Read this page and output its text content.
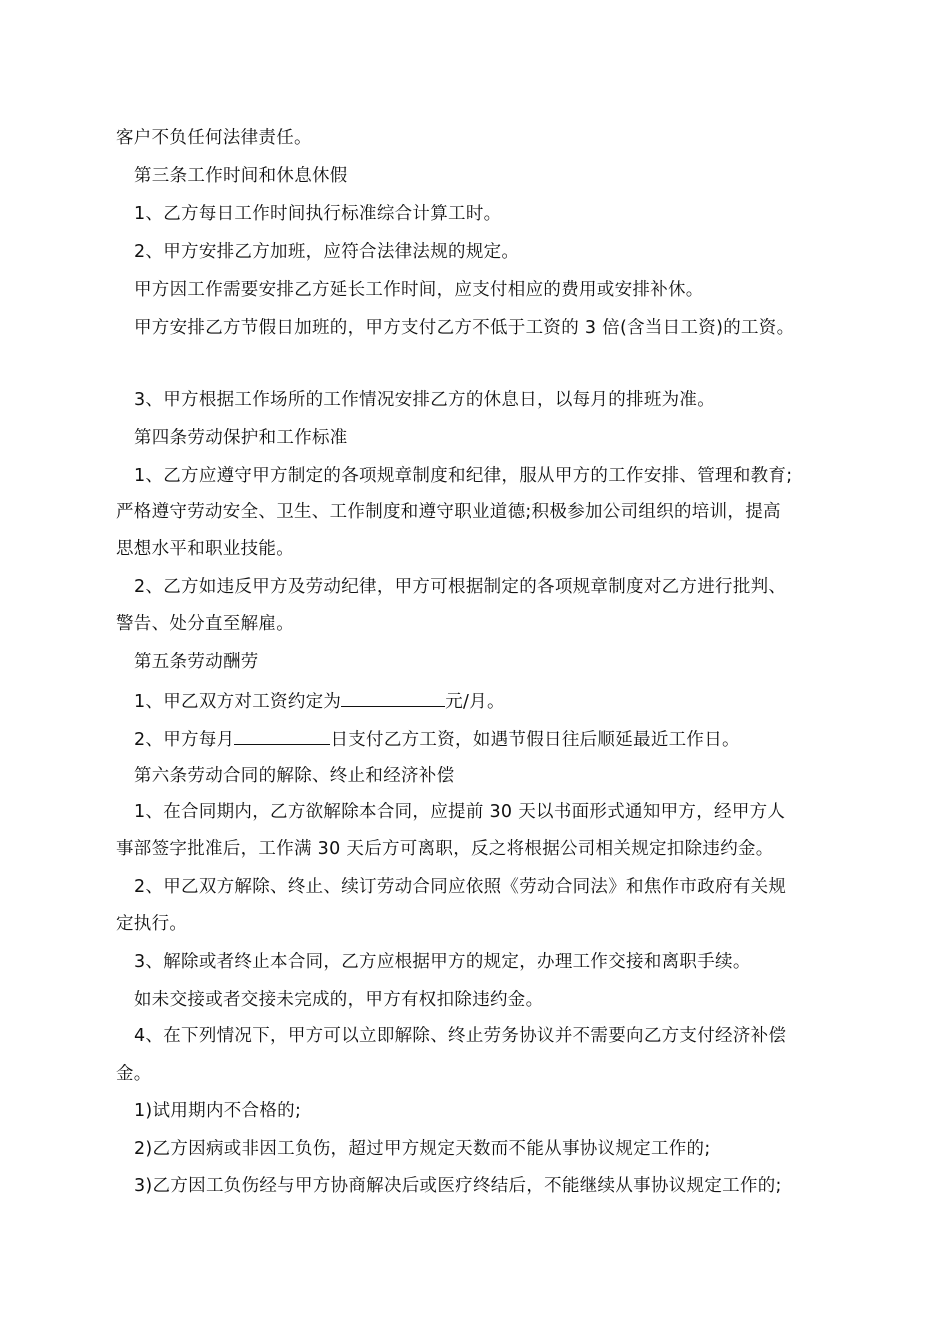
客户不负任何法律责任。
第三条工作时间和休息休假
1、乙方每日工作时间执行标准综合计算工时。
2、甲方安排乙方加班，应符合法律法规的规定。
甲方因工作需要安排乙方延长工作时间，应支付相应的费用或安排补休。
甲方安排乙方节假日加班的，甲方支付乙方不低于工资的 3 倍(含当日工资)的工资。
3、甲方根据工作场所的工作情况安排乙方的休息日，以每月的排班为准。
第四条劳动保护和工作标准
1、乙方应遵守甲方制定的各项规章制度和纪律，服从甲方的工作安排、管理和教育;
严格遵守劳动安全、卫生、工作制度和遵守职业道德;积极参加公司组织的培训，提高
思想水平和职业技能。
2、乙方如违反甲方及劳动纪律，甲方可根据制定的各项规章制度对乙方进行批判、
警告、处分直至解雇。
第五条劳动酬劳
1、甲乙双方对工资约定为	元/月。
2、甲方每月	日支付乙方工资，如遇节假日往后顺延最近工作日。
第六条劳动合同的解除、终止和经济补偿
1、在合同期内，乙方欲解除本合同，应提前 30 天以书面形式通知甲方，经甲方人
事部签字批准后，工作满 30 天后方可离职，反之将根据公司相关规定扣除违约金。
2、甲乙双方解除、终止、续订劳动合同应依照《劳动合同法》和焦作市政府有关规
定执行。
3、解除或者终止本合同，乙方应根据甲方的规定，办理工作交接和离职手续。
如未交接或者交接未完成的，甲方有权扣除违约金。
4、在下列情况下，甲方可以立即解除、终止劳务协议并不需要向乙方支付经济补偿
金。
1)试用期内不合格的;
2)乙方因病或非因工负伤，超过甲方规定天数而不能从事协议规定工作的;
3)乙方因工负伤经与甲方协商解决后或医疗终结后，不能继续从事协议规定工作的;
